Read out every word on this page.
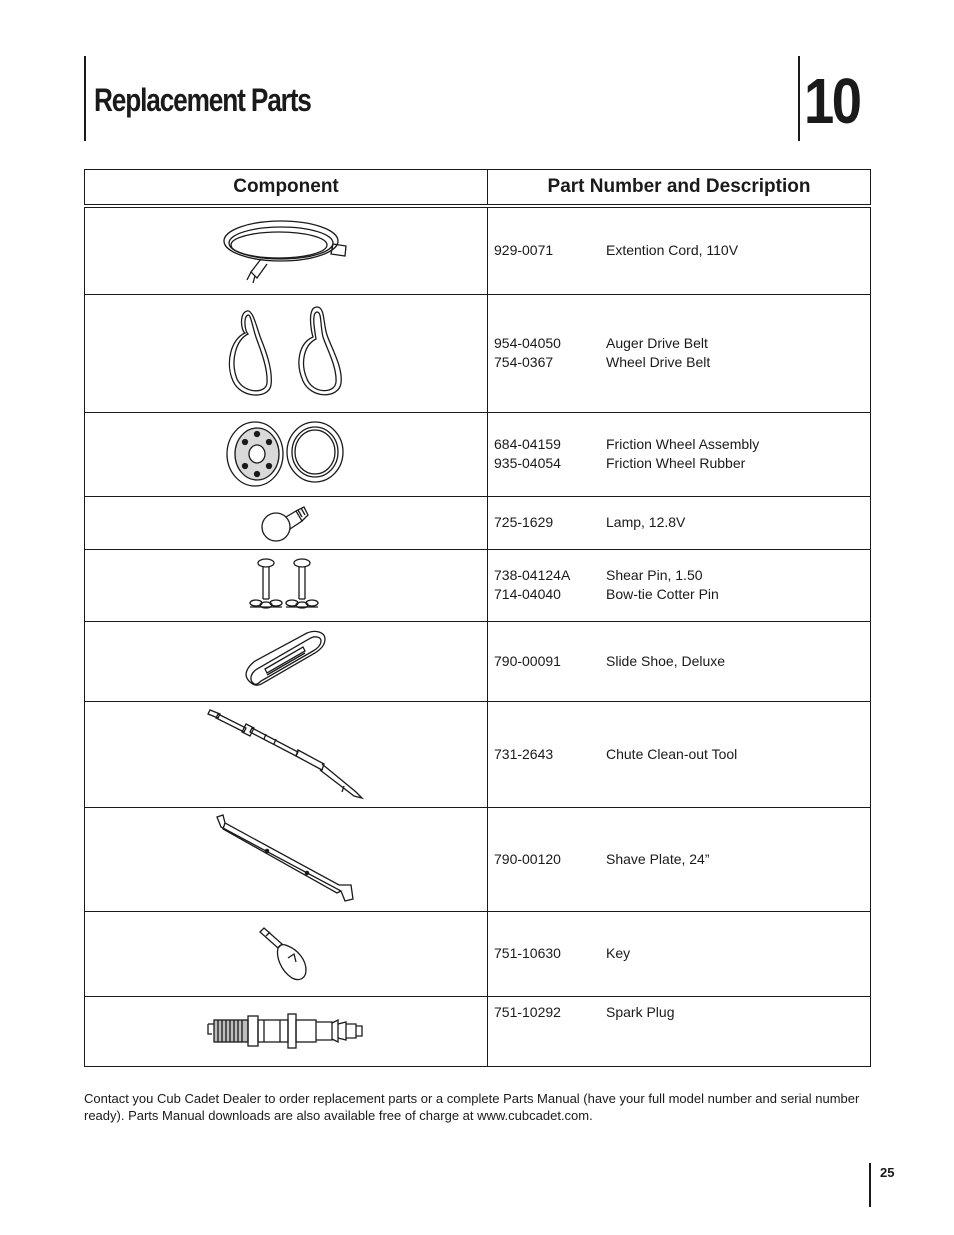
Replacement Parts	10
Component	Part Number and Description

929-0071 Extention Cord, 110V

954-04050 Auger Drive Belt
754-0367 Wheel Drive Belt

684-04159 Friction Wheel Assembly
935-04054 Friction Wheel Rubber

725-1629 Lamp, 12.8V

738-04124A Shear Pin, 1.50
714-04040 Bow-tie Cotter Pin

790-00091 Slide Shoe, Deluxe

731-2643 Chute Clean-out Tool

790-00120 Shave Plate, 24”

751-10630 Key

751-10292 Spark Plug

Contact you Cub Cadet Dealer to order replacement parts or a complete Parts Manual (have your full model number and serial number ready). Parts Manual downloads are also available free of charge at www.cubcadet.com.

25
